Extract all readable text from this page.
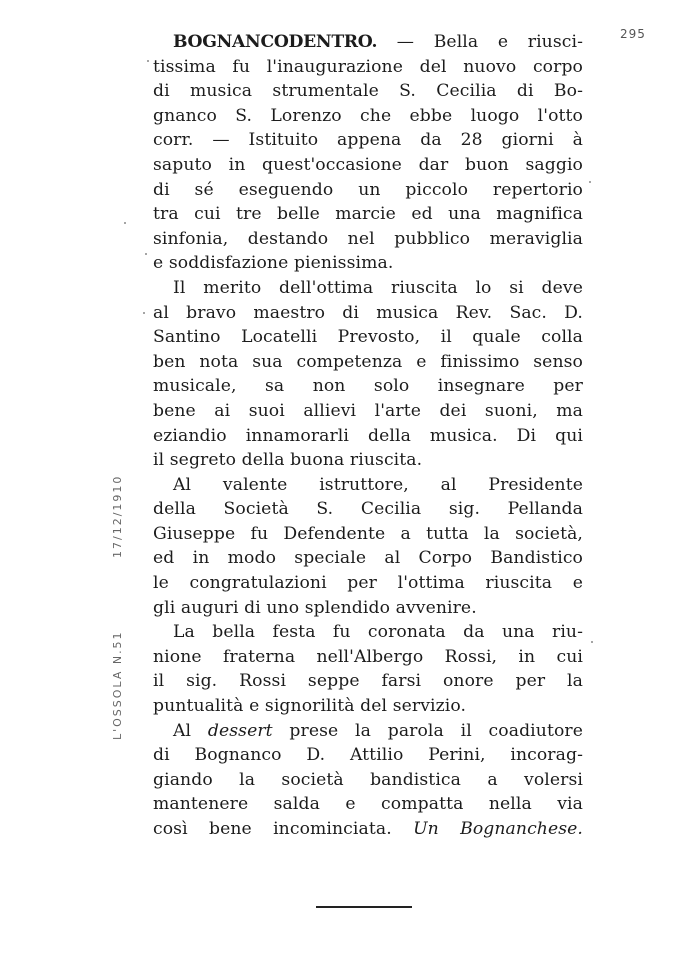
295
17/12/1910
L'OSSOLA N.51
BOGNANCODENTRO. — Bella e riusci-
tissima fu l'inaugurazione del nuovo corpo
di musica strumentale S. Cecilia di Bo-
gnanco S. Lorenzo che ebbe luogo l'otto
corr. — Istituito appena da 28 giorni à
saputo in quest'occasione dar buon saggio
di sé eseguendo un piccolo repertorio
tra cui tre belle marcie ed una magnifica
sinfonia, destando nel pubblico meraviglia
e soddisfazione pienissima.
Il merito dell'ottima riuscita lo si deve
al bravo maestro di musica Rev. Sac. D.
Santino Locatelli Prevosto, il quale colla
ben nota sua competenza e finissimo senso
musicale, sa non solo insegnare per
bene ai suoi allievi l'arte dei suoni, ma
eziandio innamorarli della musica. Di qui
il segreto della buona riuscita.
Al valente istruttore, al Presidente
della Società S. Cecilia sig. Pellanda
Giuseppe fu Defendente a tutta la società,
ed in modo speciale al Corpo Bandistico
le congratulazioni per l'ottima riuscita e
gli auguri di uno splendido avvenire.
La bella festa fu coronata da una riu-
nione fraterna nell'Albergo Rossi, in cui
il sig. Rossi seppe farsi onore per la
puntualità e signorilità del servizio.
Al dessert prese la parola il coadiutore
di Bognanco D. Attilio Perini, incorag-
giando la società bandistica a volersi
mantenere salda e compatta nella via
così bene incominciata. Un Bognanchese.
